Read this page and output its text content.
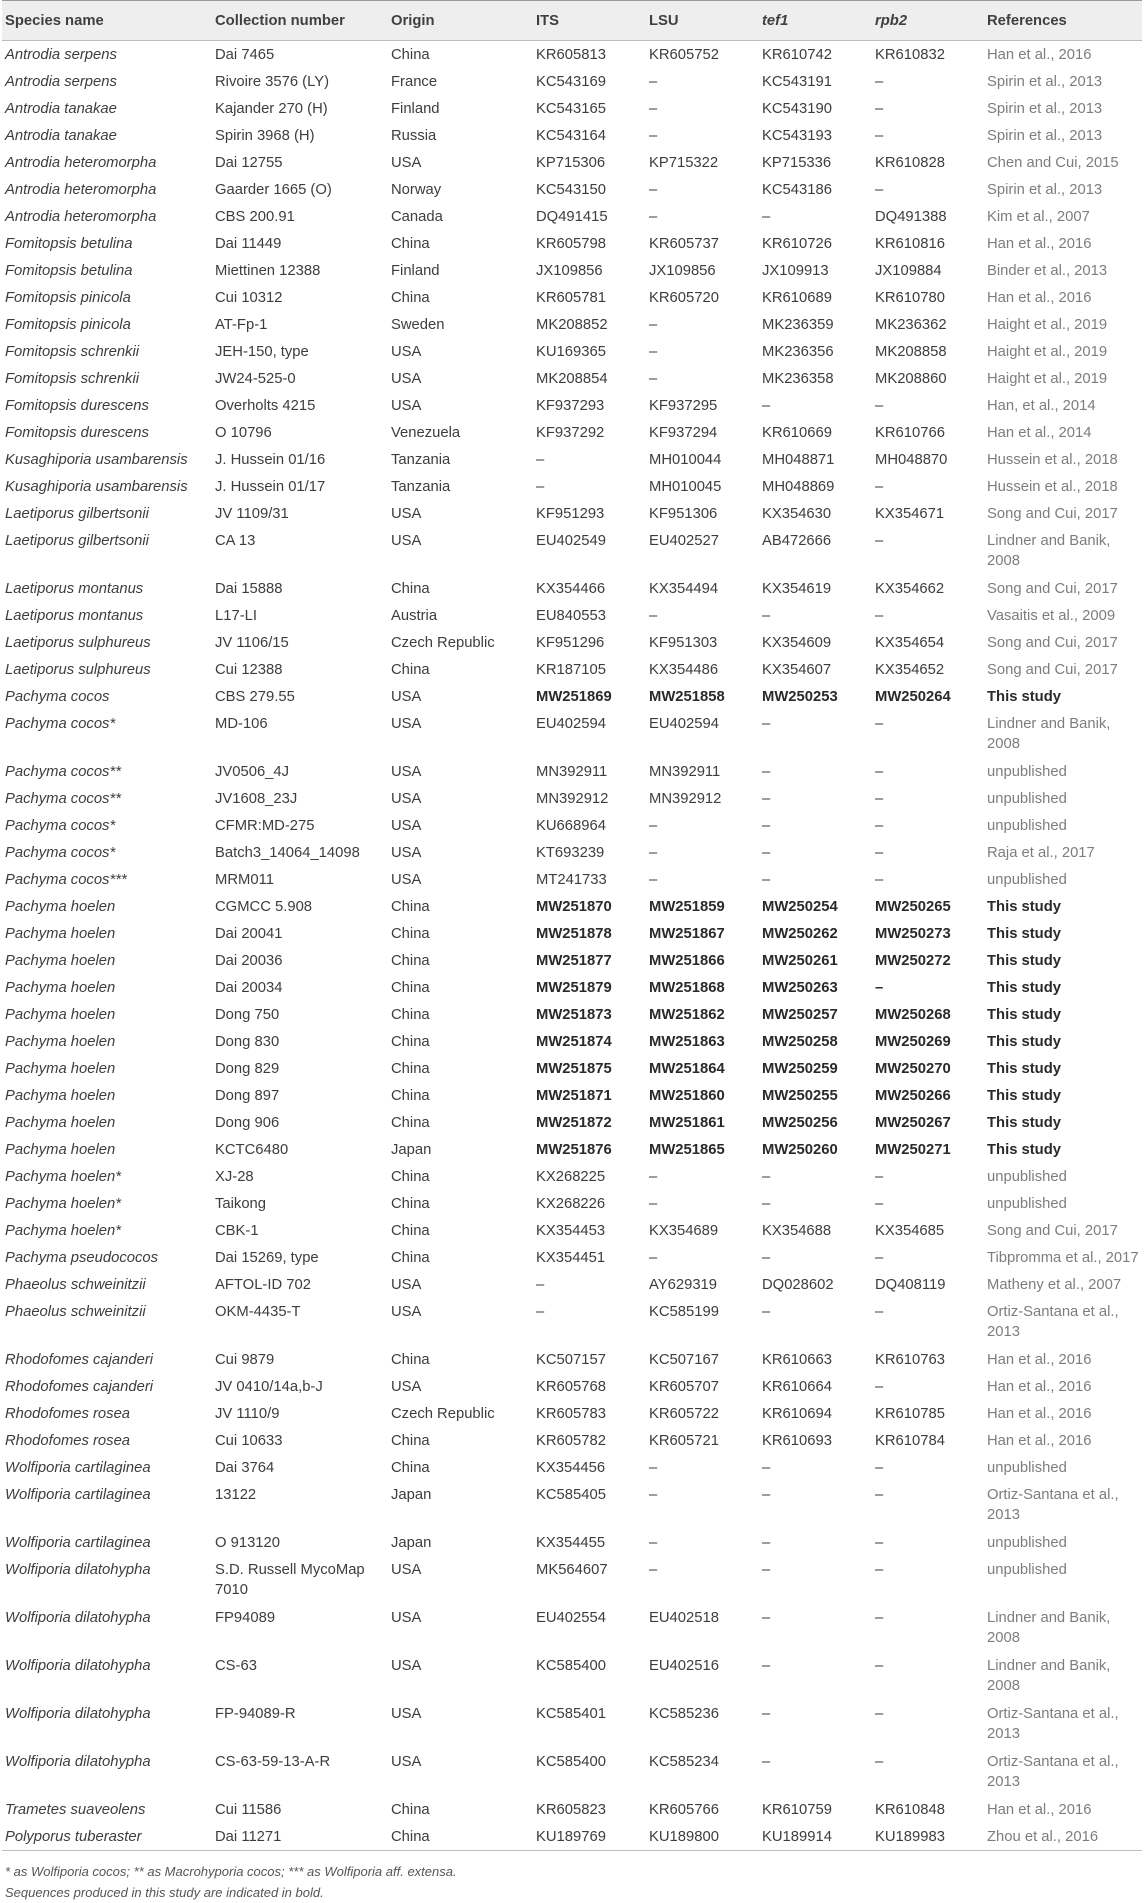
Species name	Collection number	Origin	ITS	LSU	tef1	rpb2	References
Antrodia serpens	Dai 7465	China	KR605813	KR605752	KR610742	KR610832	Han et al., 2016
Antrodia serpens	Rivoire 3576 (LY)	France	KC543169	–	KC543191	–	Spirin et al., 2013
Antrodia tanakae	Kajander 270 (H)	Finland	KC543165	–	KC543190	–	Spirin et al., 2013
Antrodia tanakae	Spirin 3968 (H)	Russia	KC543164	–	KC543193	–	Spirin et al., 2013
Antrodia heteromorpha	Dai 12755	USA	KP715306	KP715322	KP715336	KR610828	Chen and Cui, 2015
Antrodia heteromorpha	Gaarder 1665 (O)	Norway	KC543150	–	KC543186	–	Spirin et al., 2013
Antrodia heteromorpha	CBS 200.91	Canada	DQ491415	–	–	DQ491388	Kim et al., 2007
Fomitopsis betulina	Dai 11449	China	KR605798	KR605737	KR610726	KR610816	Han et al., 2016
Fomitopsis betulina	Miettinen 12388	Finland	JX109856	JX109856	JX109913	JX109884	Binder et al., 2013
Fomitopsis pinicola	Cui 10312	China	KR605781	KR605720	KR610689	KR610780	Han et al., 2016
Fomitopsis pinicola	AT-Fp-1	Sweden	MK208852	–	MK236359	MK236362	Haight et al., 2019
Fomitopsis schrenkii	JEH-150, type	USA	KU169365	–	MK236356	MK208858	Haight et al., 2019
Fomitopsis schrenkii	JW24-525-0	USA	MK208854	–	MK236358	MK208860	Haight et al., 2019
Fomitopsis durescens	Overholts 4215	USA	KF937293	KF937295	–	–	Han, et al., 2014
Fomitopsis durescens	O 10796	Venezuela	KF937292	KF937294	KR610669	KR610766	Han et al., 2014
Kusaghiporia usambarensis	J. Hussein 01/16	Tanzania	–	MH010044	MH048871	MH048870	Hussein et al., 2018
Kusaghiporia usambarensis	J. Hussein 01/17	Tanzania	–	MH010045	MH048869	–	Hussein et al., 2018
Laetiporus gilbertsonii	JV 1109/31	USA	KF951293	KF951306	KX354630	KX354671	Song and Cui, 2017
Laetiporus gilbertsonii	CA 13	USA	EU402549	EU402527	AB472666	–	Lindner and Banik, 2008
Laetiporus montanus	Dai 15888	China	KX354466	KX354494	KX354619	KX354662	Song and Cui, 2017
Laetiporus montanus	L17-LI	Austria	EU840553	–	–	–	Vasaitis et al., 2009
Laetiporus sulphureus	JV 1106/15	Czech Republic	KF951296	KF951303	KX354609	KX354654	Song and Cui, 2017
Laetiporus sulphureus	Cui 12388	China	KR187105	KX354486	KX354607	KX354652	Song and Cui, 2017
Pachyma cocos	CBS 279.55	USA	MW251869	MW251858	MW250253	MW250264	This study
Pachyma cocos*	MD-106	USA	EU402594	EU402594	–	–	Lindner and Banik, 2008
Pachyma cocos**	JV0506_4J	USA	MN392911	MN392911	–	–	unpublished
Pachyma cocos**	JV1608_23J	USA	MN392912	MN392912	–	–	unpublished
Pachyma cocos*	CFMR:MD-275	USA	KU668964	–	–	–	unpublished
Pachyma cocos*	Batch3_14064_14098	USA	KT693239	–	–	–	Raja et al., 2017
Pachyma cocos***	MRM011	USA	MT241733	–	–	–	unpublished
Pachyma hoelen	CGMCC 5.908	China	MW251870	MW251859	MW250254	MW250265	This study
Pachyma hoelen	Dai 20041	China	MW251878	MW251867	MW250262	MW250273	This study
Pachyma hoelen	Dai 20036	China	MW251877	MW251866	MW250261	MW250272	This study
Pachyma hoelen	Dai 20034	China	MW251879	MW251868	MW250263	–	This study
Pachyma hoelen	Dong 750	China	MW251873	MW251862	MW250257	MW250268	This study
Pachyma hoelen	Dong 830	China	MW251874	MW251863	MW250258	MW250269	This study
Pachyma hoelen	Dong 829	China	MW251875	MW251864	MW250259	MW250270	This study
Pachyma hoelen	Dong 897	China	MW251871	MW251860	MW250255	MW250266	This study
Pachyma hoelen	Dong 906	China	MW251872	MW251861	MW250256	MW250267	This study
Pachyma hoelen	KCTC6480	Japan	MW251876	MW251865	MW250260	MW250271	This study
Pachyma hoelen*	XJ-28	China	KX268225	–	–	–	unpublished
Pachyma hoelen*	Taikong	China	KX268226	–	–	–	unpublished
Pachyma hoelen*	CBK-1	China	KX354453	KX354689	KX354688	KX354685	Song and Cui, 2017
Pachyma pseudococos	Dai 15269, type	China	KX354451	–	–	–	Tibpromma et al., 2017
Phaeolus schweinitzii	AFTOL-ID 702	USA	–	AY629319	DQ028602	DQ408119	Matheny et al., 2007
Phaeolus schweinitzii	OKM-4435-T	USA	–	KC585199	–	–	Ortiz-Santana et al., 2013
Rhodofomes cajanderi	Cui 9879	China	KC507157	KC507167	KR610663	KR610763	Han et al., 2016
Rhodofomes cajanderi	JV 0410/14a,b-J	USA	KR605768	KR605707	KR610664	–	Han et al., 2016
Rhodofomes rosea	JV 1110/9	Czech Republic	KR605783	KR605722	KR610694	KR610785	Han et al., 2016
Rhodofomes rosea	Cui 10633	China	KR605782	KR605721	KR610693	KR610784	Han et al., 2016
Wolfiporia cartilaginea	Dai 3764	China	KX354456	–	–	–	unpublished
Wolfiporia cartilaginea	13122	Japan	KC585405	–	–	–	Ortiz-Santana et al., 2013
Wolfiporia cartilaginea	O 913120	Japan	KX354455	–	–	–	unpublished
Wolfiporia dilatohypha	S.D. Russell MycoMap 7010	USA	MK564607	–	–	–	unpublished
Wolfiporia dilatohypha	FP94089	USA	EU402554	EU402518	–	–	Lindner and Banik, 2008
Wolfiporia dilatohypha	CS-63	USA	KC585400	EU402516	–	–	Lindner and Banik, 2008
Wolfiporia dilatohypha	FP-94089-R	USA	KC585401	KC585236	–	–	Ortiz-Santana et al., 2013
Wolfiporia dilatohypha	CS-63-59-13-A-R	USA	KC585400	KC585234	–	–	Ortiz-Santana et al., 2013
Trametes suaveolens	Cui 11586	China	KR605823	KR605766	KR610759	KR610848	Han et al., 2016
Polyporus tuberaster	Dai 11271	China	KU189769	KU189800	KU189914	KU189983	Zhou et al., 2016
* as Wolfiporia cocos; ** as Macrohyporia cocos; *** as Wolfiporia aff. extensa.
Sequences produced in this study are indicated in bold.
